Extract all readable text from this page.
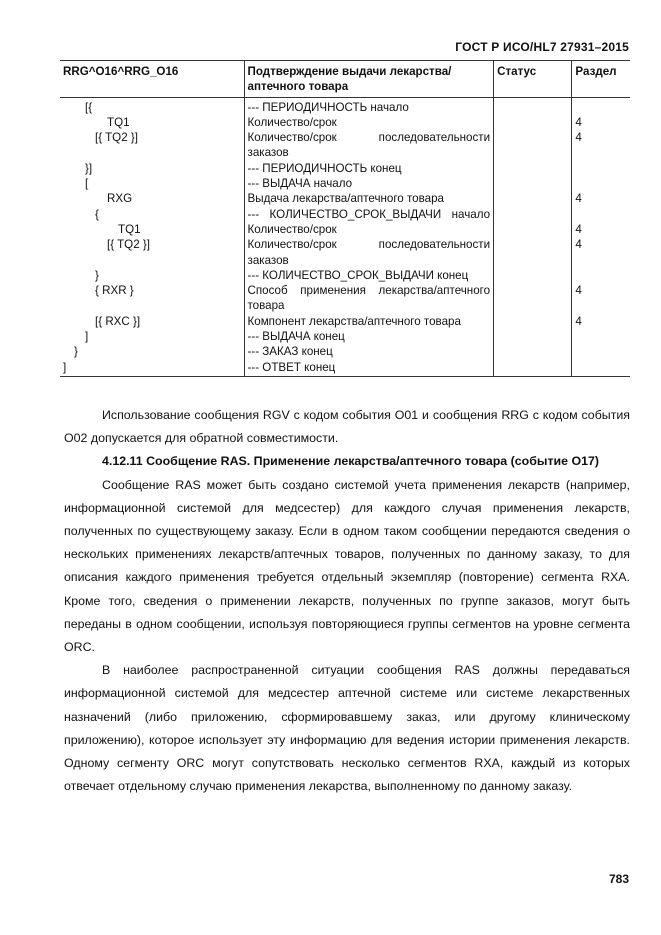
ГОСТ Р ИСО/HL7 27931–2015
RRG^O16^RRG_O16	Подтверждение выдачи лекарства/аптечного товара	Статус	Раздел
[{	--- ПЕРИОДИЧНОСТЬ начало		
TQ1	Количество/срок		4
[{ TQ2 }]	Количество/срок последовательности заказов		4
}]	--- ПЕРИОДИЧНОСТЬ конец		
[	--- ВЫДАЧА начало		
RXG	Выдача лекарства/аптечного товара		4
{	--- КОЛИЧЕСТВО_СРОК_ВЫДАЧИ начало		
TQ1	Количество/срок		4
[{ TQ2 }]	Количество/срок последовательности заказов		4
}	--- КОЛИЧЕСТВО_СРОК_ВЫДАЧИ конец		
{ RXR }	Способ применения лекарства/аптечного товара		4
[{ RXC }]	Компонент лекарства/аптечного товара		4
]	--- ВЫДАЧА конец		
}	--- ЗАКАЗ конец		
]	--- ОТВЕТ конец		

Использование сообщения RGV с кодом события O01 и сообщения RRG с кодом события O02 допускается для обратной совместимости.

4.12.11 Сообщение RAS. Применение лекарства/аптечного товара (событие O17)

Сообщение RAS может быть создано системой учета применения лекарств (например, информационной системой для медсестер) для каждого случая применения лекарств, полученных по существующему заказу. Если в одном таком сообщении передаются сведения о нескольких применениях лекарств/аптечных товаров, полученных по данному заказу, то для описания каждого применения требуется отдельный экземпляр (повторение) сегмента RXA. Кроме того, сведения о применении лекарств, полученных по группе заказов, могут быть переданы в одном сообщении, используя повторяющиеся группы сегментов на уровне сегмента ORC.

В наиболее распространенной ситуации сообщения RAS должны передаваться информационной системой для медсестер аптечной системе или системе лекарственных назначений (либо приложению, сформировавшему заказ, или другому клиническому приложению), которое использует эту информацию для ведения истории применения лекарств. Одному сегменту ORC могут сопутствовать несколько сегментов RXA, каждый из которых отвечает отдельному случаю применения лекарства, выполненному по данному заказу.

783
